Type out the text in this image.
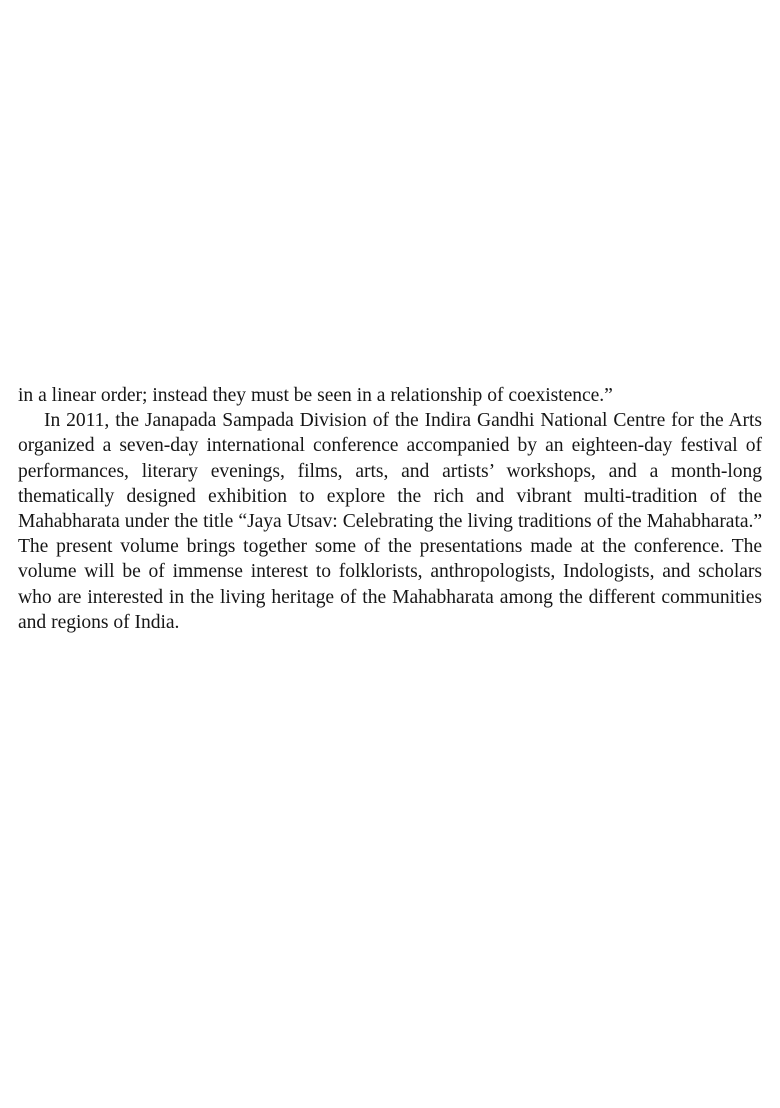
in a linear order; instead they must be seen in a relationship of coexistence.”

In 2011, the Janapada Sampada Division of the Indira Gandhi National Centre for the Arts organized a seven-day international conference accompanied by an eighteen-day festival of performances, literary evenings, films, arts, and artists’ workshops, and a month-long thematically designed exhibition to explore the rich and vibrant multi-tradition of the Mahabharata under the title “Jaya Utsav: Celebrating the living traditions of the Mahabharata.” The present volume brings together some of the presentations made at the conference. The volume will be of immense interest to folklorists, anthropologists, Indologists, and scholars who are interested in the living heritage of the Mahabharata among the different communities and regions of India.
